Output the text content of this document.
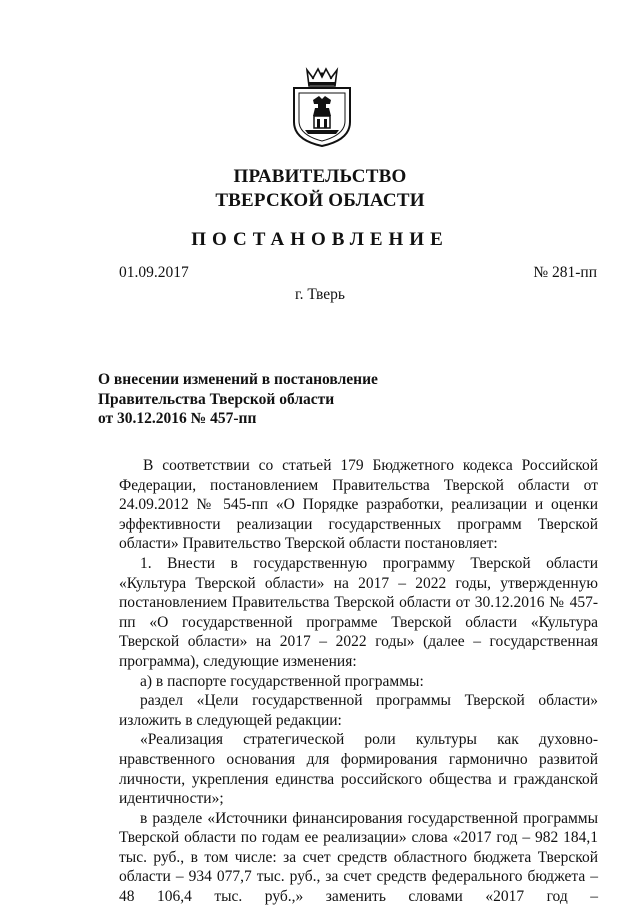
ПРАВИТЕЛЬСТВО
ТВЕРСКОЙ ОБЛАСТИ
ПОСТАНОВЛЕНИЕ
01.09.2017	№ 281-пп
г. Тверь
О внесении изменений в постановление
Правительства Тверской области
от 30.12.2016 № 457-пп

В соответствии со статьей 179 Бюджетного кодекса Российской Федерации, постановлением Правительства Тверской области от 24.09.2012 № 545-пп «О Порядке разработки, реализации и оценки эффективности реализации государственных программ Тверской области» Правительство Тверской области постановляет:

1. Внести в государственную программу Тверской области «Культура Тверской области» на 2017 – 2022 годы, утвержденную постановлением Правительства Тверской области от 30.12.2016 № 457-пп «О государственной программе Тверской области «Культура Тверской области» на 2017 – 2022 годы» (далее – государственная программа), следующие изменения:

а) в паспорте государственной программы:

раздел «Цели государственной программы Тверской области» изложить в следующей редакции:

«Реализация стратегической роли культуры как духовно-нравственного основания для формирования гармонично развитой личности, укрепления единства российского общества и гражданской идентичности»;

в разделе «Источники финансирования государственной программы Тверской области по годам ее реализации» слова «2017 год – 982 184,1 тыс. руб., в том числе: за счет средств областного бюджета Тверской области – 934 077,7 тыс. руб., за счет средств федерального бюджета – 48 106,4 тыс. руб.,» заменить словами «2017 год –
